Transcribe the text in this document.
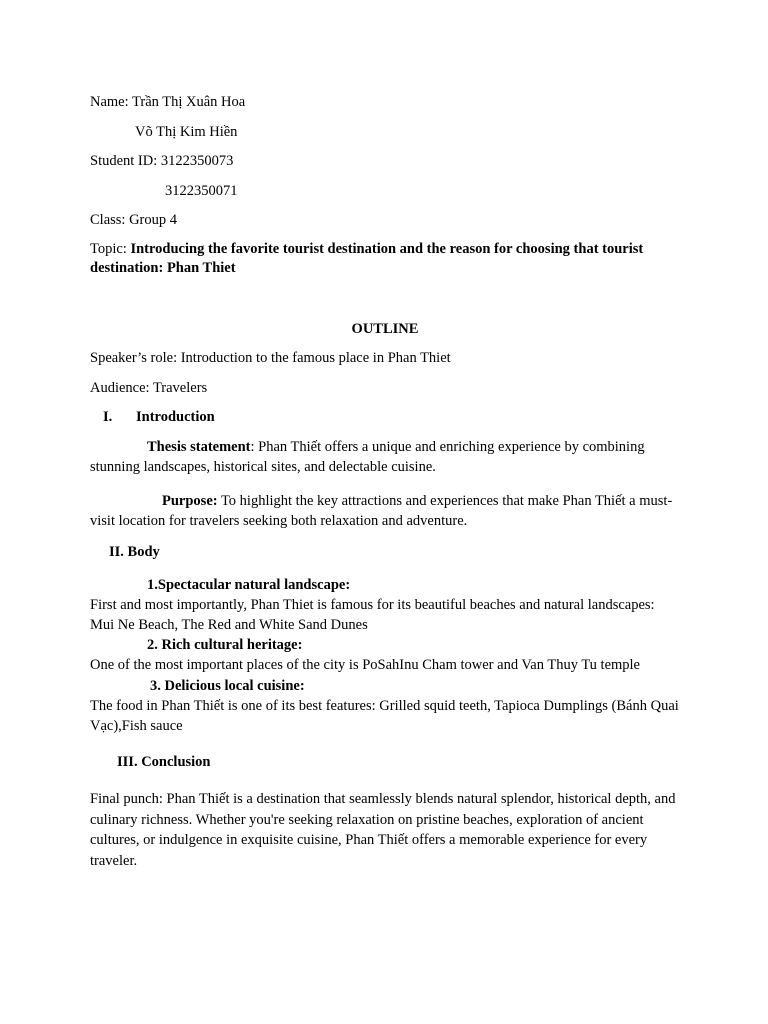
Name: Trần Thị Xuân Hoa
Võ Thị Kim Hiền
Student ID: 3122350073
3122350071
Class: Group 4
Topic: Introducing the favorite tourist destination and the reason for choosing that tourist destination: Phan Thiet
OUTLINE
Speaker’s role: Introduction to the famous place in Phan Thiet
Audience: Travelers
I. Introduction
Thesis statement: Phan Thiết offers a unique and enriching experience by combining stunning landscapes, historical sites, and delectable cuisine.
Purpose: To highlight the key attractions and experiences that make Phan Thiết a must-visit location for travelers seeking both relaxation and adventure.
II. Body
1.Spectacular natural landscape:
First and most importantly, Phan Thiet is famous for its beautiful beaches and natural landscapes: Mui Ne Beach, The Red and White Sand Dunes
2. Rich cultural heritage:
One of the most important places of the city is PoSahInu Cham tower and Van Thuy Tu temple
3. Delicious local cuisine:
The food in Phan Thiết is one of its best features: Grilled squid teeth, Tapioca Dumplings (Bánh Quai Vạc),Fish sauce
III. Conclusion
Final punch: Phan Thiết is a destination that seamlessly blends natural splendor, historical depth, and culinary richness. Whether you're seeking relaxation on pristine beaches, exploration of ancient cultures, or indulgence in exquisite cuisine, Phan Thiết offers a memorable experience for every traveler.
